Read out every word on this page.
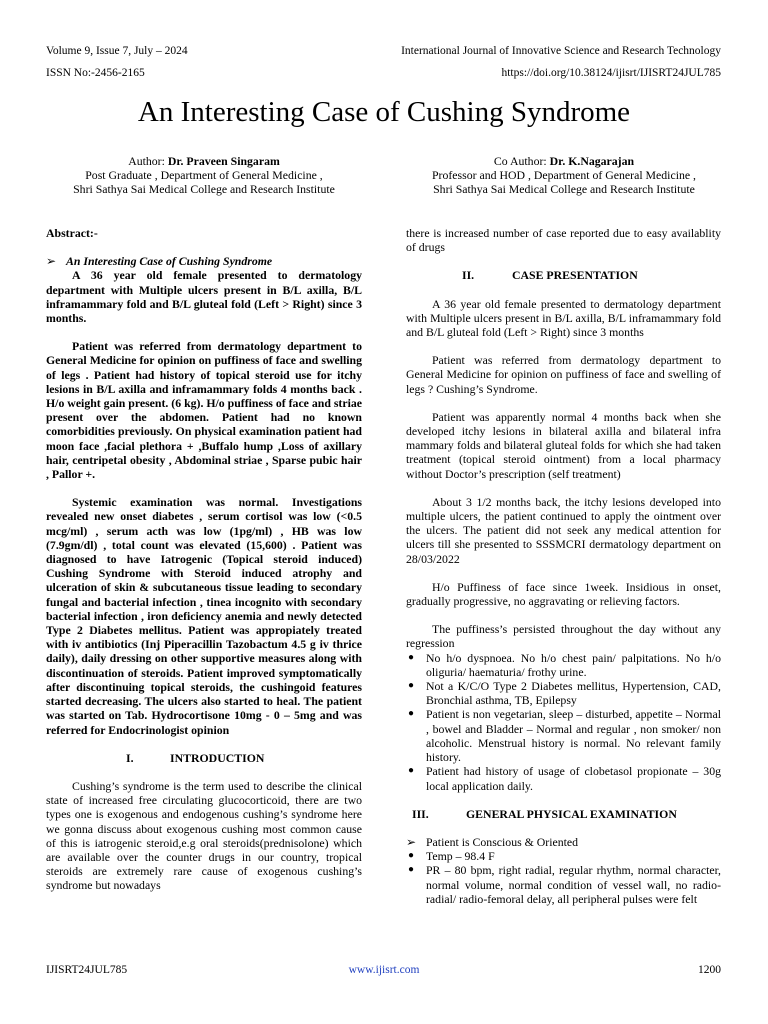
Volume 9, Issue 7, July – 2024	International Journal of Innovative Science and Research Technology
ISSN No:-2456-2165	https://doi.org/10.38124/ijisrt/IJISRT24JUL785
An Interesting Case of Cushing Syndrome
Author: Dr. Praveen Singaram
Post Graduate , Department of General Medicine ,
Shri Sathya Sai Medical College and Research Institute
Co Author: Dr. K.Nagarajan
Professor and HOD , Department of General Medicine ,
Shri Sathya Sai Medical College and Research Institute

Abstract:-

➢ An Interesting Case of Cushing Syndrome

A 36 year old female presented to dermatology department with Multiple ulcers present in B/L axilla, B/L inframammary fold and B/L gluteal fold (Left > Right) since 3 months.

Patient was referred from dermatology department to General Medicine for opinion on puffiness of face and swelling of legs . Patient had history of topical steroid use for itchy lesions in B/L axilla and inframammary folds 4 months back . H/o weight gain present. (6 kg). H/o puffiness of face and striae present over the abdomen. Patient had no known comorbidities previously. On physical examination patient had moon face ,facial plethora + ,Buffalo hump ,Loss of axillary hair, centripetal obesity , Abdominal striae , Sparse pubic hair , Pallor +.

Systemic examination was normal. Investigations revealed new onset diabetes , serum cortisol was low (<0.5 mcg/ml) , serum acth was low (1pg/ml) , HB was low (7.9gm/dl) , total count was elevated (15,600) . Patient was diagnosed to have Iatrogenic (Topical steroid induced) Cushing Syndrome with Steroid induced atrophy and ulceration of skin & subcutaneous tissue leading to secondary fungal and bacterial infection , tinea incognito with secondary bacterial infection , iron deficiency anemia and newly detected Type 2 Diabetes mellitus. Patient was appropiately treated with iv antibiotics (Inj Piperacillin Tazobactum 4.5 g iv thrice daily), daily dressing on other supportive measures along with discontinuation of steroids. Patient improved symptomatically after discontinuing topical steroids, the cushingoid features started decreasing. The ulcers also started to heal. The patient was started on Tab. Hydrocortisone 10mg - 0 – 5mg and was referred for Endocrinologist opinion

I.	INTRODUCTION

Cushing’s syndrome is the term used to describe the clinical state of increased free circulating glucocorticoid, there are two types one is exogenous and endogenous cushing’s syndrome here we gonna discuss about exogenous cushing most common cause of this is iatrogenic steroid,e.g oral steroids(prednisolone) which are available over the counter drugs in our country, tropical steroids are extremely rare cause of exogenous cushing’s syndrome but nowadays

there is increased number of case reported due to easy availablity of drugs

II.	CASE PRESENTATION

A 36 year old female presented to dermatology department with Multiple ulcers present in B/L axilla, B/L inframammary fold and B/L gluteal fold (Left > Right) since 3 months

Patient was referred from dermatology department to General Medicine for opinion on puffiness of face and swelling of legs ? Cushing’s Syndrome.

Patient was apparently normal 4 months back when she developed itchy lesions in bilateral axilla and bilateral infra mammary folds and bilateral gluteal folds for which she had taken treatment (topical steroid ointment) from a local pharmacy without Doctor’s prescription (self treatment)

About 3 1/2 months back, the itchy lesions developed into multiple ulcers, the patient continued to apply the ointment over the ulcers. The patient did not seek any medical attention for ulcers till she presented to SSSMCRI dermatology department on 28/03/2022

H/o Puffiness of face since 1week. Insidious in onset, gradually progressive, no aggravating or relieving factors.

The puffiness’s persisted throughout the day without any regression

●	No h/o dyspnoea. No h/o chest pain/ palpitations. No h/o oliguria/ haematuria/ frothy urine.
●	Not a K/C/O Type 2 Diabetes mellitus, Hypertension, CAD, Bronchial asthma, TB, Epilepsy
●	Patient is non vegetarian, sleep – disturbed, appetite – Normal , bowel and Bladder – Normal and regular , non smoker/ non alcoholic. Menstrual history is normal. No relevant family history.
●	Patient had history of usage of clobetasol propionate – 30g local application daily.

III.	GENERAL PHYSICAL EXAMINATION

➢ Patient is Conscious & Oriented
●	Temp – 98.4 F
●	PR – 80 bpm, right radial, regular rhythm, normal character, normal volume, normal condition of vessel wall, no radio-radial/ radio-femoral delay, all peripheral pulses were felt
IJISRT24JUL785	www.ijisrt.com	1200
